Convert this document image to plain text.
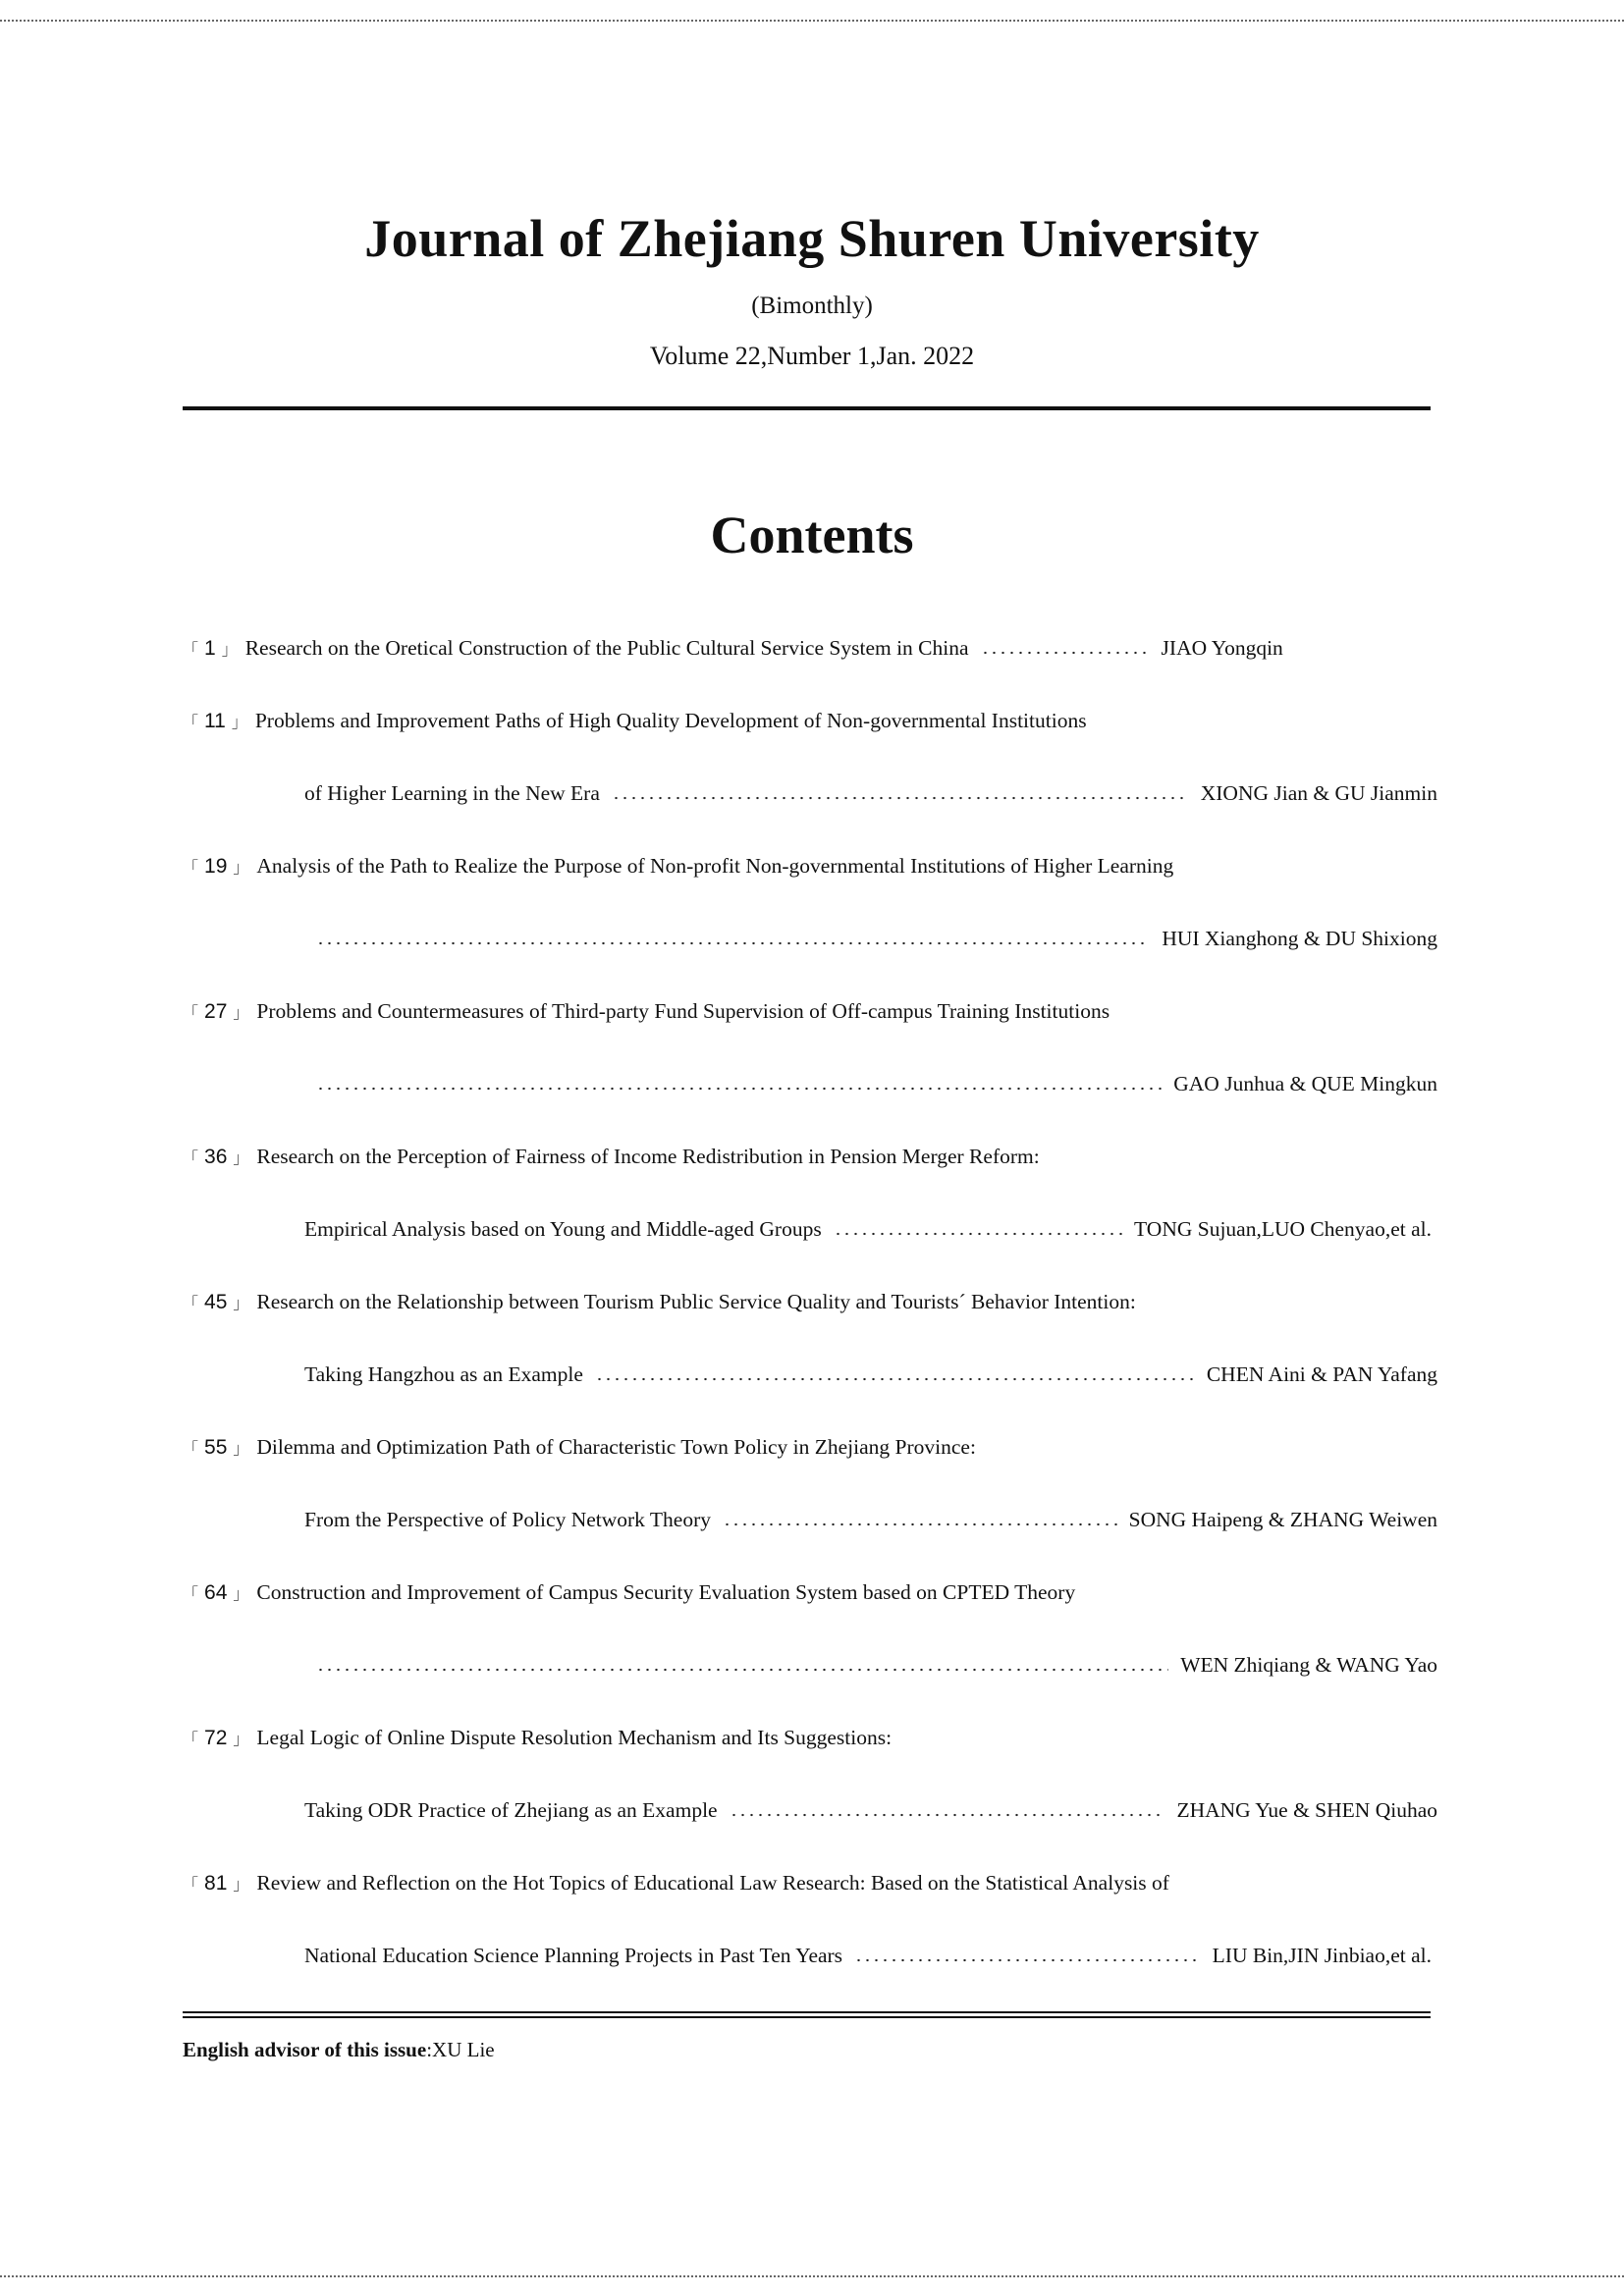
Journal of Zhejiang Shuren University
(Bimonthly)
Volume 22,Number 1,Jan. 2022
Contents
「 1 」 Research on the Oretical Construction of the Public Cultural Service System in China	JIAO Yongqin
「 11 」 Problems and Improvement Paths of High Quality Development of Non-governmental Institutions
of Higher Learning in the New Era	XIONG Jian & GU Jianmin
「 19 」 Analysis of the Path to Realize the Purpose of Non-profit Non-governmental Institutions of Higher Learning
HUI Xianghong & DU Shixiong
「 27 」 Problems and Countermeasures of Third-party Fund Supervision of Off-campus Training Institutions
GAO Junhua & QUE Mingkun
「 36 」 Research on the Perception of Fairness of Income Redistribution in Pension Merger Reform:
Empirical Analysis based on Young and Middle-aged Groups	TONG Sujuan,LUO Chenyao,et al.
「 45 」 Research on the Relationship between Tourism Public Service Quality and Tourists´ Behavior Intention:
Taking Hangzhou as an Example	CHEN Aini & PAN Yafang
「 55 」 Dilemma and Optimization Path of Characteristic Town Policy in Zhejiang Province:
From the Perspective of Policy Network Theory	SONG Haipeng & ZHANG Weiwen
「 64 」 Construction and Improvement of Campus Security Evaluation System based on CPTED Theory
WEN Zhiqiang & WANG Yao
「 72 」 Legal Logic of Online Dispute Resolution Mechanism and Its Suggestions:
Taking ODR Practice of Zhejiang as an Example	ZHANG Yue & SHEN Qiuhao
「 81 」 Review and Reflection on the Hot Topics of Educational Law Research: Based on the Statistical Analysis of
National Education Science Planning Projects in Past Ten Years	LIU Bin,JIN Jinbiao,et al.
English advisor of this issue:XU Lie
